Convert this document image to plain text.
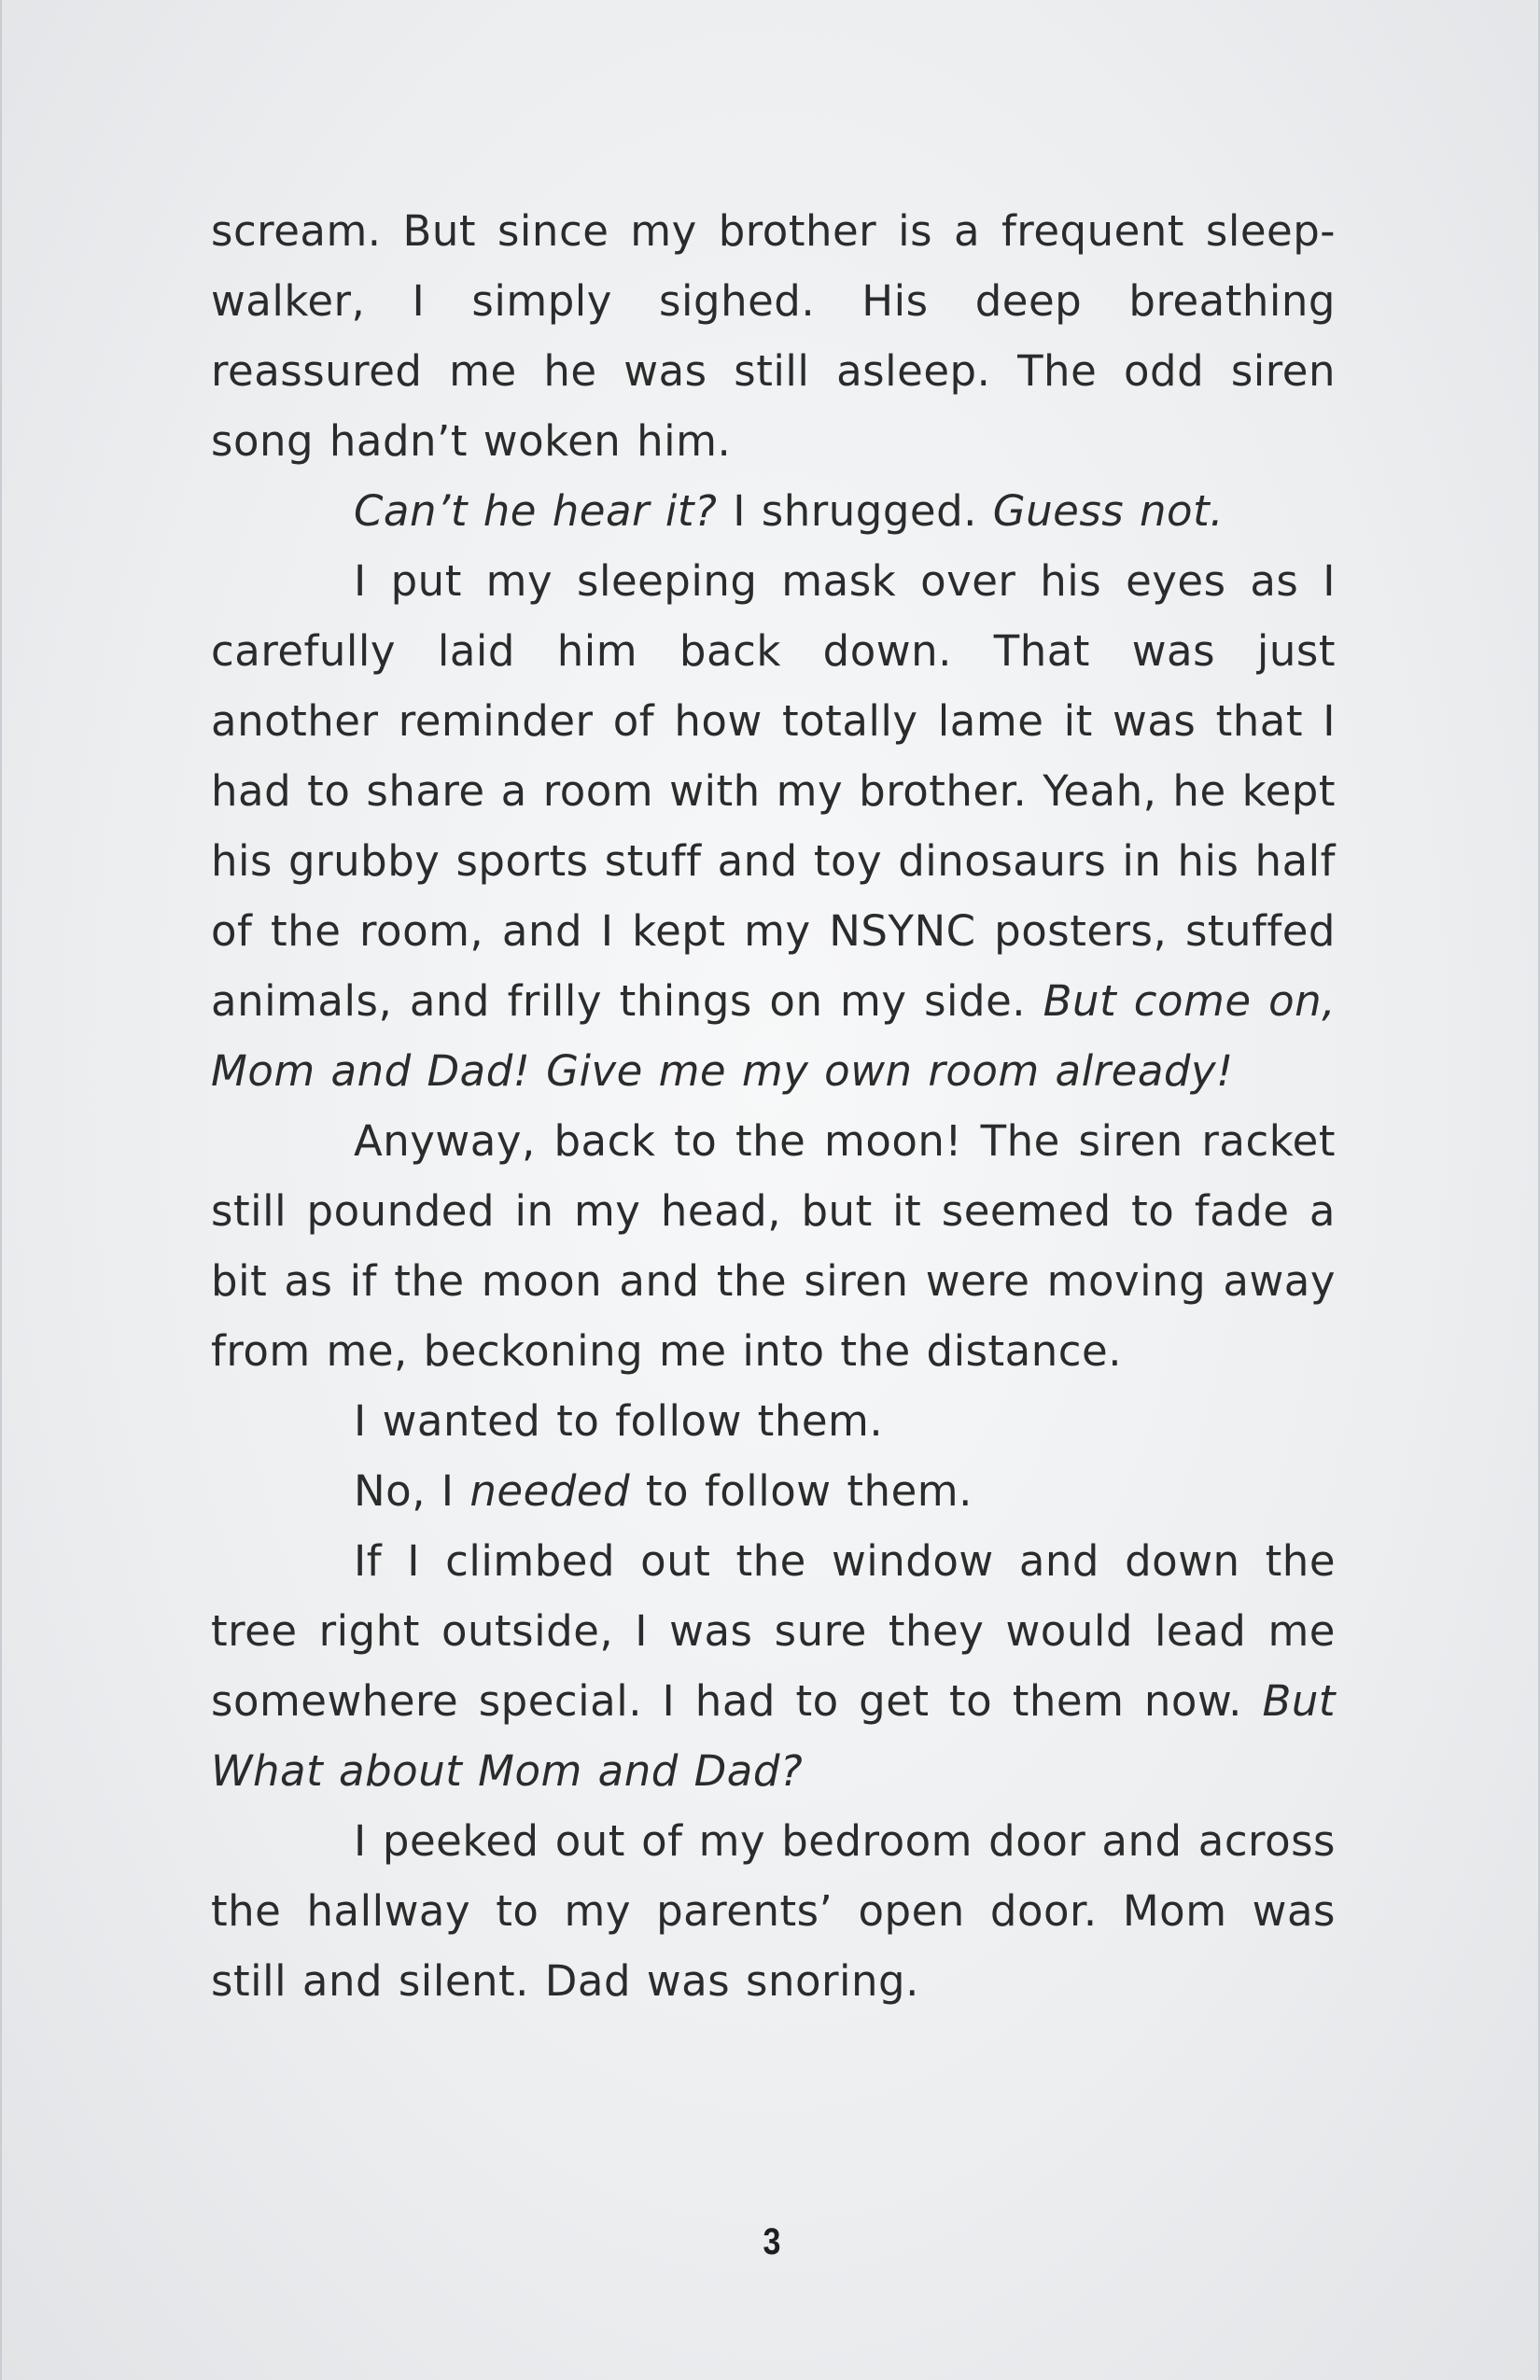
scream. But since my brother is a frequent sleep-walker, I simply sighed. His deep breathing reassured me he was still asleep. The odd siren song hadn’t woken him.

Can’t he hear it? I shrugged. Guess not.

I put my sleeping mask over his eyes as I carefully laid him back down. That was just another reminder of how totally lame it was that I had to share a room with my brother. Yeah, he kept his grubby sports stuff and toy dinosaurs in his half of the room, and I kept my NSYNC posters, stuffed animals, and frilly things on my side. But come on, Mom and Dad! Give me my own room already!

Anyway, back to the moon! The siren racket still pounded in my head, but it seemed to fade a bit as if the moon and the siren were moving away from me, beckoning me into the distance.

I wanted to follow them.

No, I needed to follow them.

If I climbed out the window and down the tree right outside, I was sure they would lead me somewhere special. I had to get to them now. But What about Mom and Dad?

I peeked out of my bedroom door and across the hallway to my parents’ open door. Mom was still and silent. Dad was snoring.

3
